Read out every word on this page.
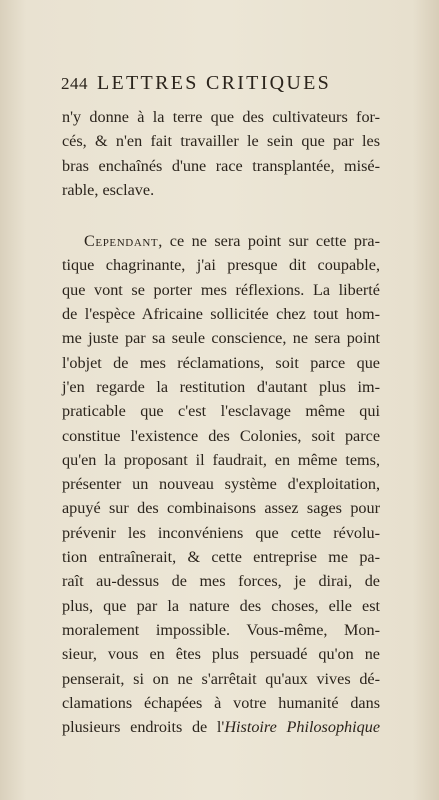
244 LETTRES CRITIQUES
n'y donne à la terre que des cultivateurs for-
cés, & n'en fait travailler le sein que par les
bras enchaînés d'une race transplantée, misé-
rable, esclave.
Cependant, ce ne sera point sur cette pra-
tique chagrinante, j'ai presque dit coupable,
que vont se porter mes réflexions. La liberté
de l'espèce Africaine sollicitée chez tout hom-
me juste par sa seule conscience, ne sera point
l'objet de mes réclamations, soit parce que
j'en regarde la restitution d'autant plus im-
praticable que c'est l'esclavage même qui
constitue l'existence des Colonies, soit parce
qu'en la proposant il faudrait, en même tems,
présenter un nouveau système d'exploitation,
apuyé sur des combinaisons assez sages pour
prévenir les inconvéniens que cette révolu-
tion entraînerait, & cette entreprise me pa-
raît au-dessus de mes forces, je dirai, de
plus, que par la nature des choses, elle est
moralement impossible. Vous-même, Mon-
sieur, vous en êtes plus persuadé qu'on ne
penserait, si on ne s'arrêtait qu'aux vives dé-
clamations échapées à votre humanité dans
plusieurs endroits de l'Histoire Philosophique
